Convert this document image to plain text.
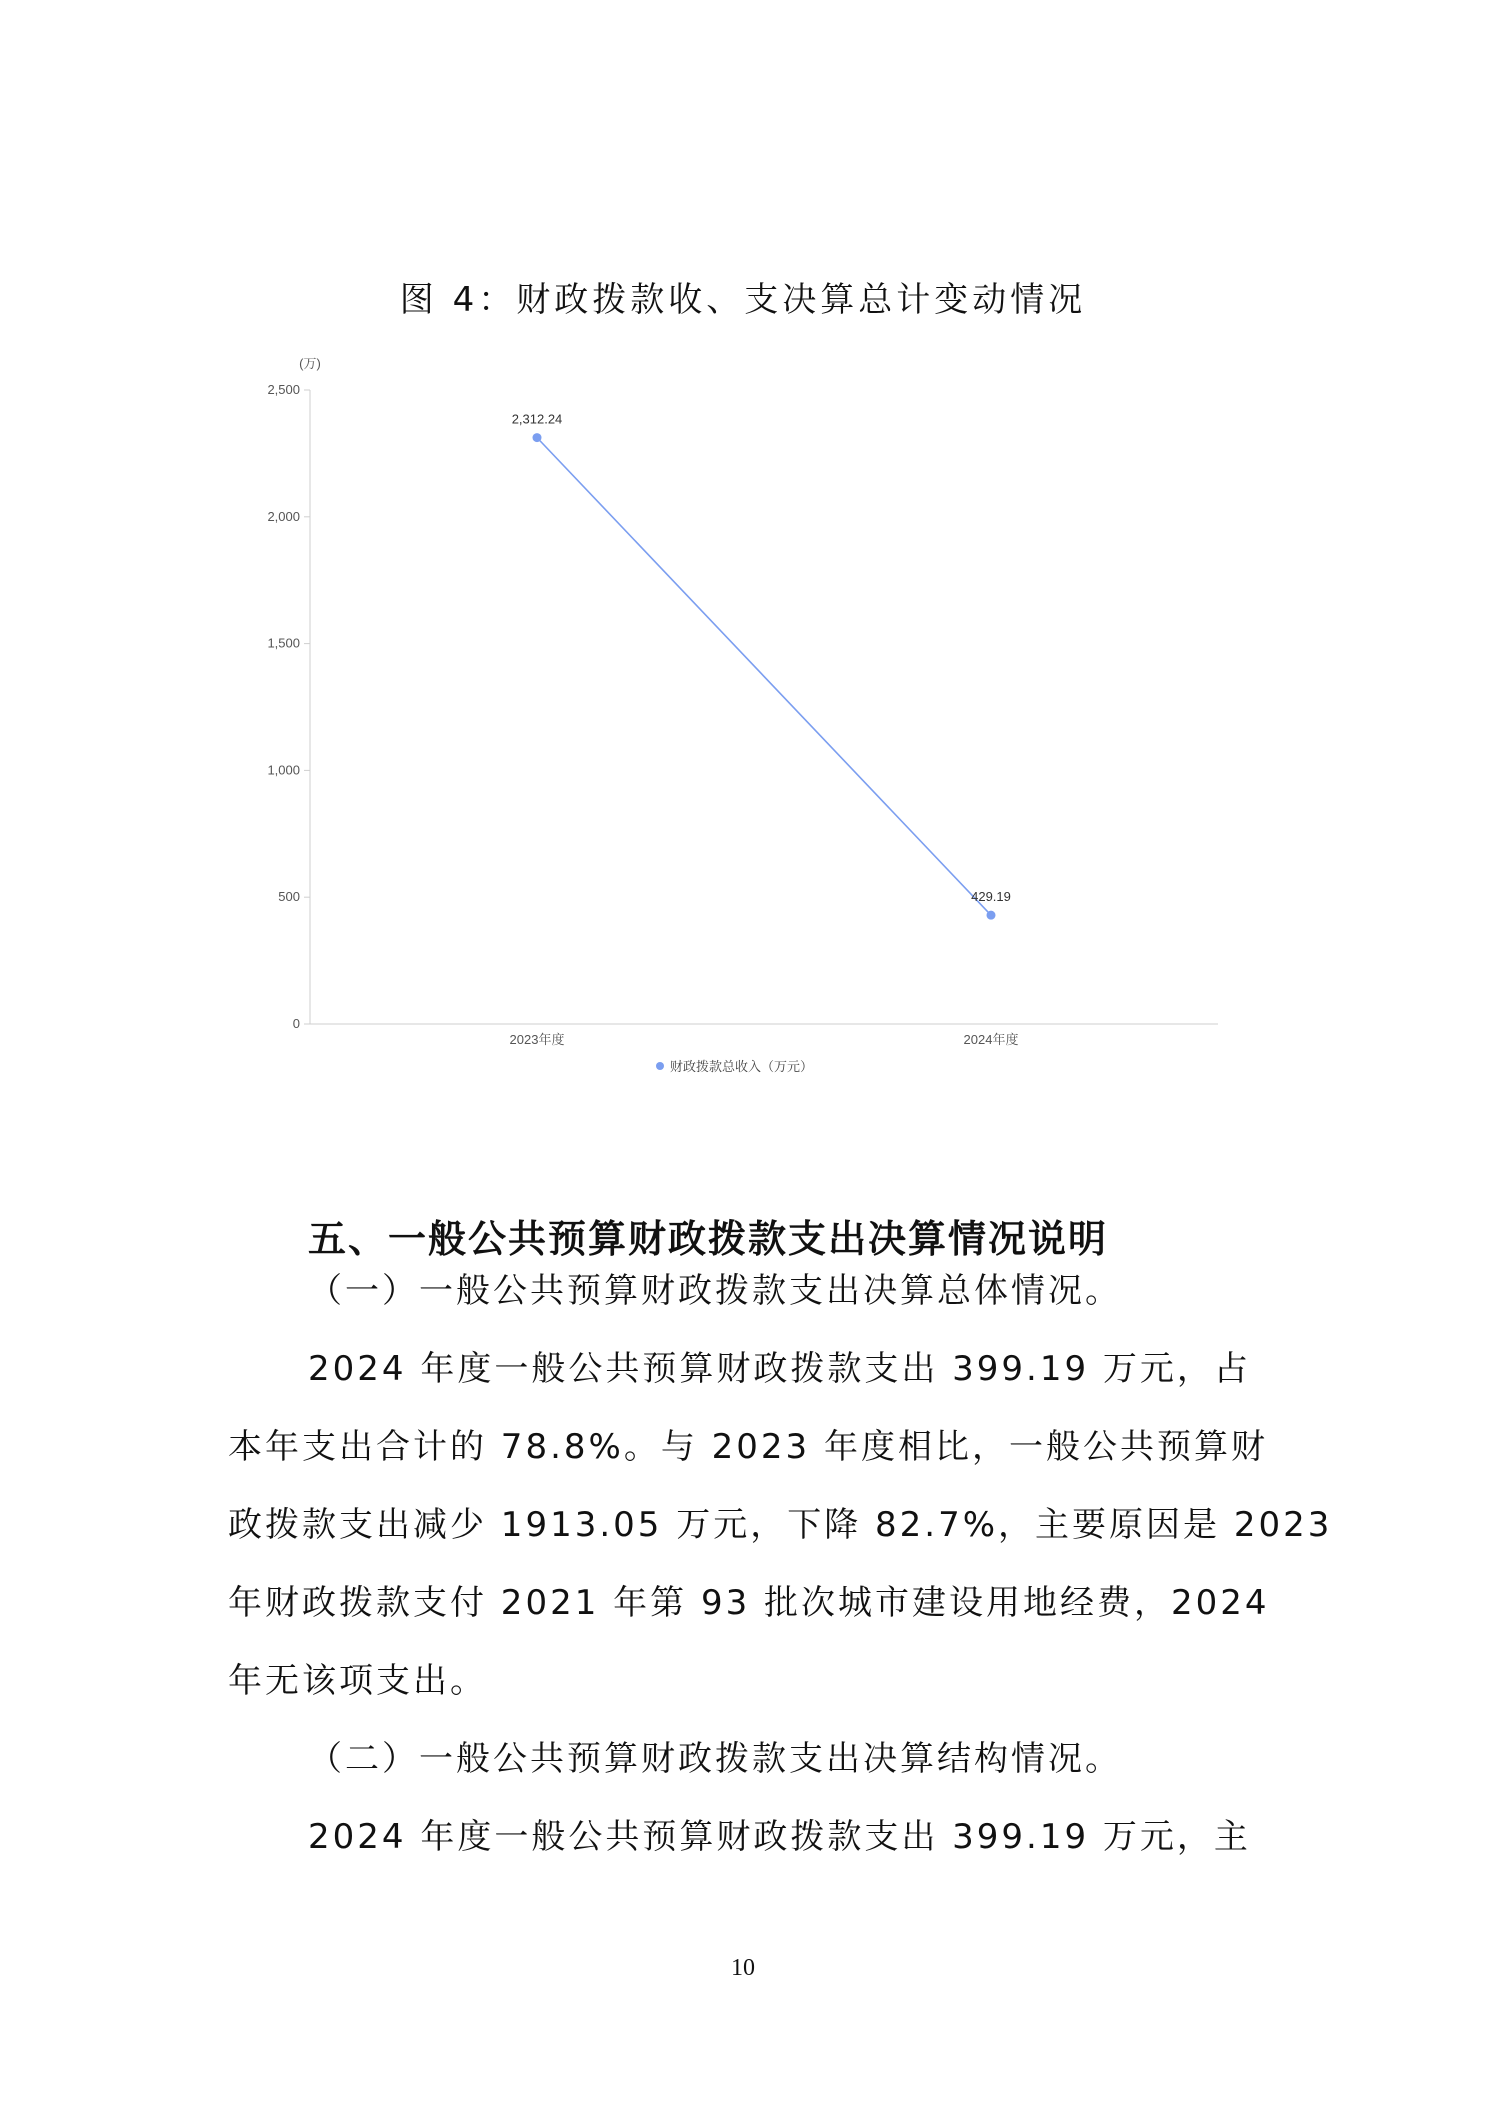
图 4：财政拨款收、支决算总计变动情况
(万)
0
500
1,000
1,500
2,000
2,500
2023年度	2024年度
2,312.24
429.19
财政拨款总收入（万元）
五、一般公共预算财政拨款支出决算情况说明
（一）一般公共预算财政拨款支出决算总体情况。
2024 年度一般公共预算财政拨款支出 399.19 万元，占
本年支出合计的 78.8%。与 2023 年度相比，一般公共预算财
政拨款支出减少 1913.05 万元，下降 82.7%，主要原因是 2023
年财政拨款支付 2021 年第 93 批次城市建设用地经费，2024
年无该项支出。
（二）一般公共预算财政拨款支出决算结构情况。
2024 年度一般公共预算财政拨款支出 399.19 万元，主
10
